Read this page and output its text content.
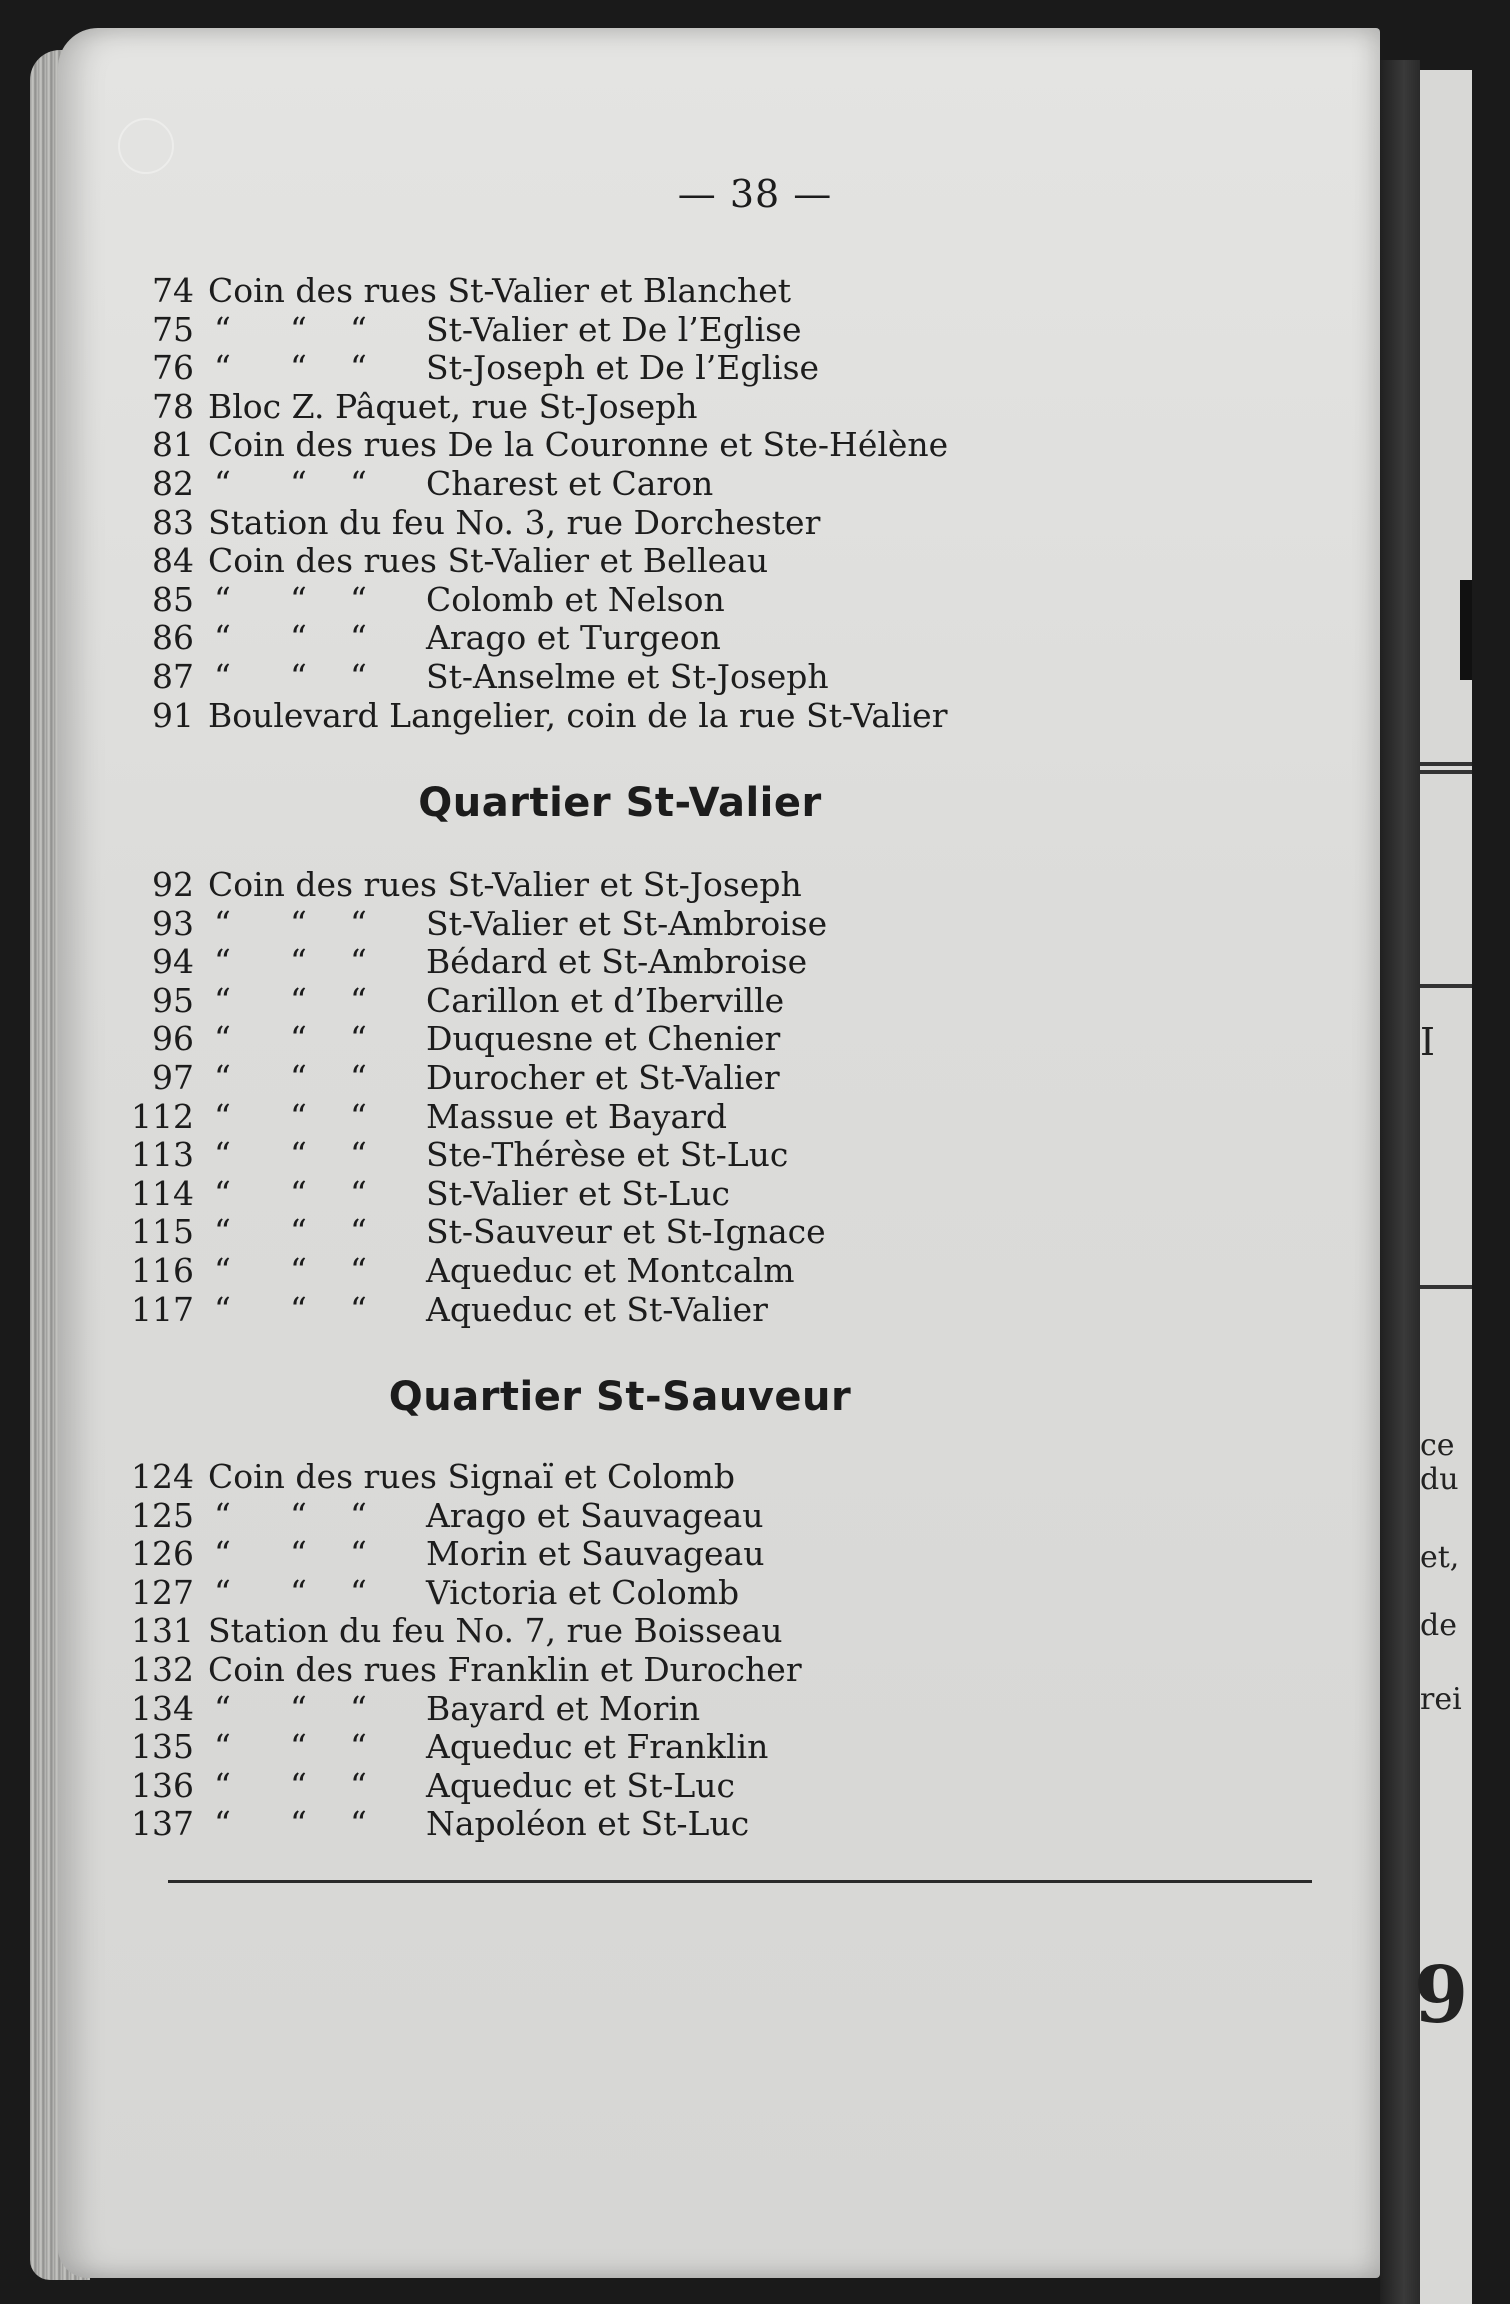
I
ce
du
et,
de
rei
9
— 38 —
74 Coin des rues St-Valier et Blanchet
75 “ “ “ St-Valier et De l’Eglise
76 “ “ “ St-Joseph et De l’Eglise
78 Bloc Z. Pâquet, rue St-Joseph
81 Coin des rues De la Couronne et Ste-Hélène
82 “ “ “ Charest et Caron
83 Station du feu No. 3, rue Dorchester
84 Coin des rues St-Valier et Belleau
85 “ “ “ Colomb et Nelson
86 “ “ “ Arago et Turgeon
87 “ “ “ St-Anselme et St-Joseph
91 Boulevard Langelier, coin de la rue St-Valier
Quartier St-Valier
92 Coin des rues St-Valier et St-Joseph
93 “ “ “ St-Valier et St-Ambroise
94 “ “ “ Bédard et St-Ambroise
95 “ “ “ Carillon et d’Iberville
96 “ “ “ Duquesne et Chenier
97 “ “ “ Durocher et St-Valier
112 “ “ “ Massue et Bayard
113 “ “ “ Ste-Thérèse et St-Luc
114 “ “ “ St-Valier et St-Luc
115 “ “ “ St-Sauveur et St-Ignace
116 “ “ “ Aqueduc et Montcalm
117 “ “ “ Aqueduc et St-Valier
Quartier St-Sauveur
124 Coin des rues Signaï et Colomb
125 “ “ “ Arago et Sauvageau
126 “ “ “ Morin et Sauvageau
127 “ “ “ Victoria et Colomb
131 Station du feu No. 7, rue Boisseau
132 Coin des rues Franklin et Durocher
134 “ “ “ Bayard et Morin
135 “ “ “ Aqueduc et Franklin
136 “ “ “ Aqueduc et St-Luc
137 “ “ “ Napoléon et St-Luc
